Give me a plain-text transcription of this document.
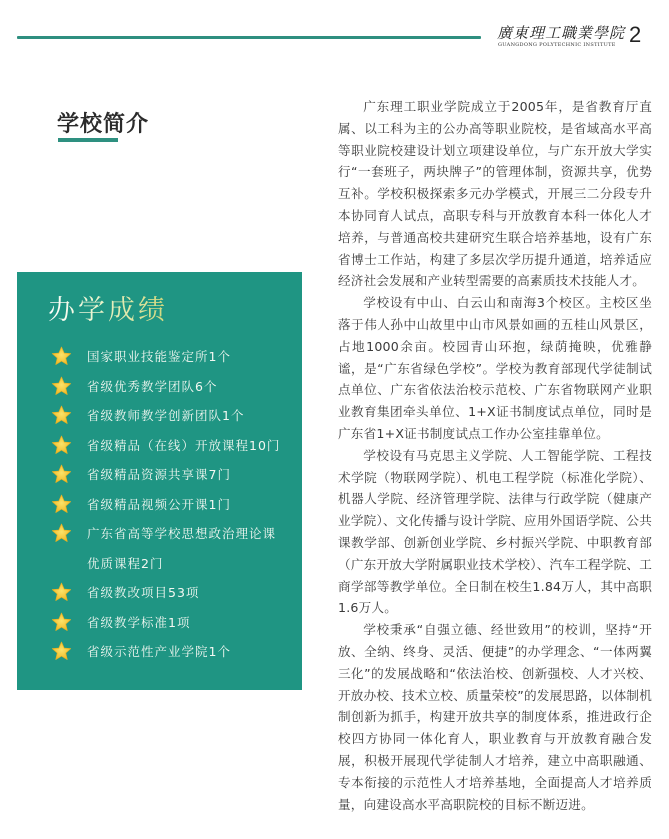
廣東理工職業學院
GUANGDONG POLYTECHNIC INSTITUTE 2
学校简介
办学成绩
国家职业技能鉴定所1个
省级优秀教学团队6个
省级教师教学创新团队1个
省级精品（在线）开放课程10门
省级精品资源共享课7门
省级精品视频公开课1门
广东省高等学校思想政治理论课
优质课程2门
省级教改项目53项
省级教学标准1项
省级示范性产业学院1个

广东理工职业学院成立于2005年，是省教育厅直属、以工科为主的公办高等职业院校，是省域高水平高等职业院校建设计划立项建设单位，与广东开放大学实行“一套班子，两块牌子”的管理体制，资源共享，优势互补。学校积极探索多元办学模式，开展三二分段专升本协同育人试点，高职专科与开放教育本科一体化人才培养，与普通高校共建研究生联合培养基地，设有广东省博士工作站，构建了多层次学历提升通道，培养适应经济社会发展和产业转型需要的高素质技术技能人才。

学校设有中山、白云山和南海3个校区。主校区坐落于伟人孙中山故里中山市风景如画的五桂山风景区，占地1000余亩。校园青山环抱，绿荫掩映，优雅静谧，是“广东省绿色学校”。学校为教育部现代学徒制试点单位、广东省依法治校示范校、广东省物联网产业职业教育集团牵头单位、1+X证书制度试点单位，同时是广东省1+X证书制度试点工作办公室挂靠单位。

学校设有马克思主义学院、人工智能学院、工程技术学院（物联网学院）、机电工程学院（标准化学院）、机器人学院、经济管理学院、法律与行政学院（健康产业学院）、文化传播与设计学院、应用外国语学院、公共课教学部、创新创业学院、乡村振兴学院、中职教育部（广东开放大学附属职业技术学校）、汽车工程学院、工商学部等教学单位。全日制在校生1.84万人，其中高职1.6万人。

学校秉承“自强立德、经世致用”的校训，坚持“开放、全纳、终身、灵活、便捷”的办学理念、“一体两翼三化”的发展战略和“依法治校、创新强校、人才兴校、开放办校、技术立校、质量荣校”的发展思路，以体制机制创新为抓手，构建开放共享的制度体系，推进政行企校四方协同一体化育人，职业教育与开放教育融合发展，积极开展现代学徒制人才培养，建立中高职融通、专本衔接的示范性人才培养基地，全面提高人才培养质量，向建设高水平高职院校的目标不断迈进。
